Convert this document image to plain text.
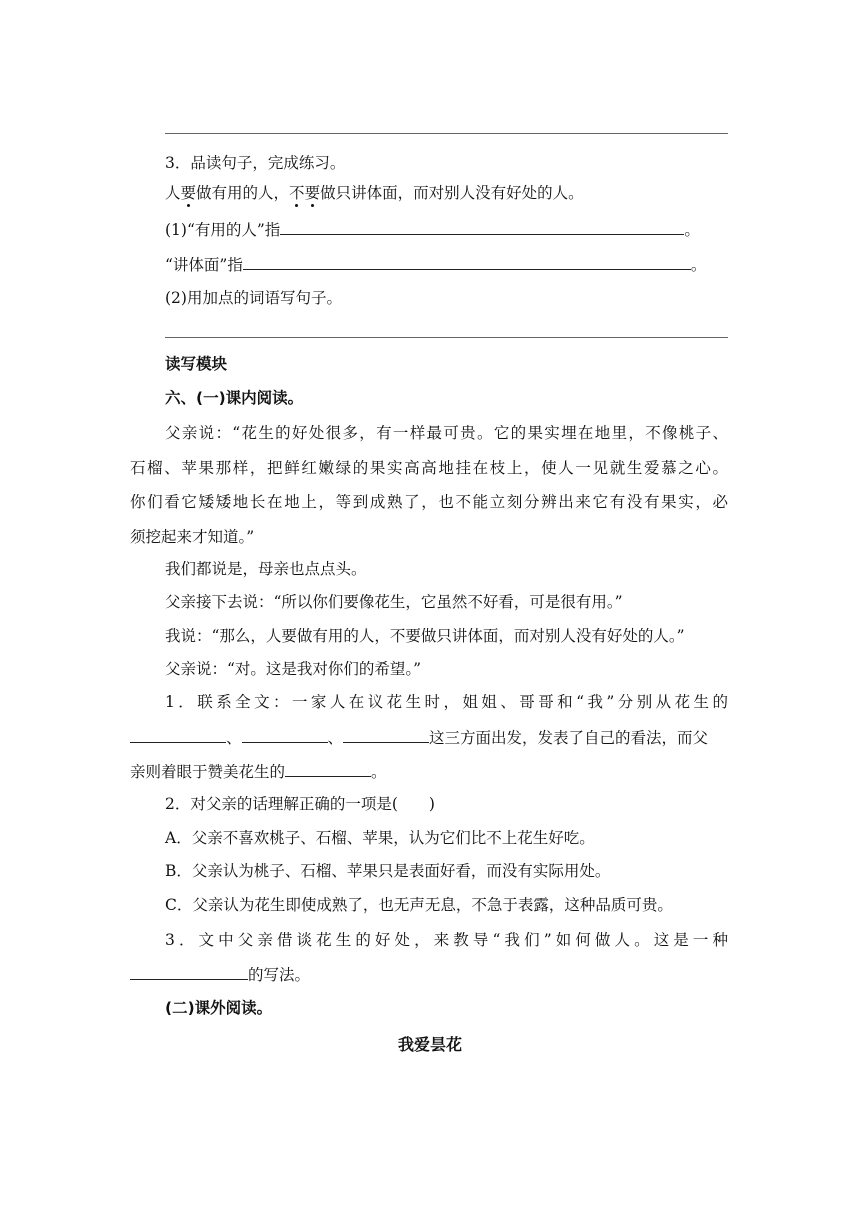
3．品读句子，完成练习。
人要做有用的人，不要做只讲体面，而对别人没有好处的人。
(1)“有用的人”指	。
“讲体面”指	。
(2)用加点的词语写句子。
读写模块
六、(一)课内阅读。
父亲说：“花生的好处很多，有一样最可贵。它的果实埋在地里，不像桃子、
石榴、苹果那样，把鲜红嫩绿的果实高高地挂在枝上，使人一见就生爱慕之心。
你们看它矮矮地长在地上，等到成熟了，也不能立刻分辨出来它有没有果实，必
须挖起来才知道。”
我们都说是，母亲也点点头。
父亲接下去说：“所以你们要像花生，它虽然不好看，可是很有用。”
我说：“那么，人要做有用的人，不要做只讲体面，而对别人没有好处的人。”
父亲说：“对。这是我对你们的希望。”
1．联系全文：一家人在议花生时，姐姐、哥哥和“我”分别从花生的
、	、	这三方面出发，发表了自己的看法，而父
亲则着眼于赞美花生的	。
2．对父亲的话理解正确的一项是(　　)
A．父亲不喜欢桃子、石榴、苹果，认为它们比不上花生好吃。
B．父亲认为桃子、石榴、苹果只是表面好看，而没有实际用处。
C．父亲认为花生即使成熟了，也无声无息，不急于表露，这种品质可贵。
3．文中父亲借谈花生的好处，来教导“我们”如何做人。这是一种
的写法。
(二)课外阅读。
我爱昙花
